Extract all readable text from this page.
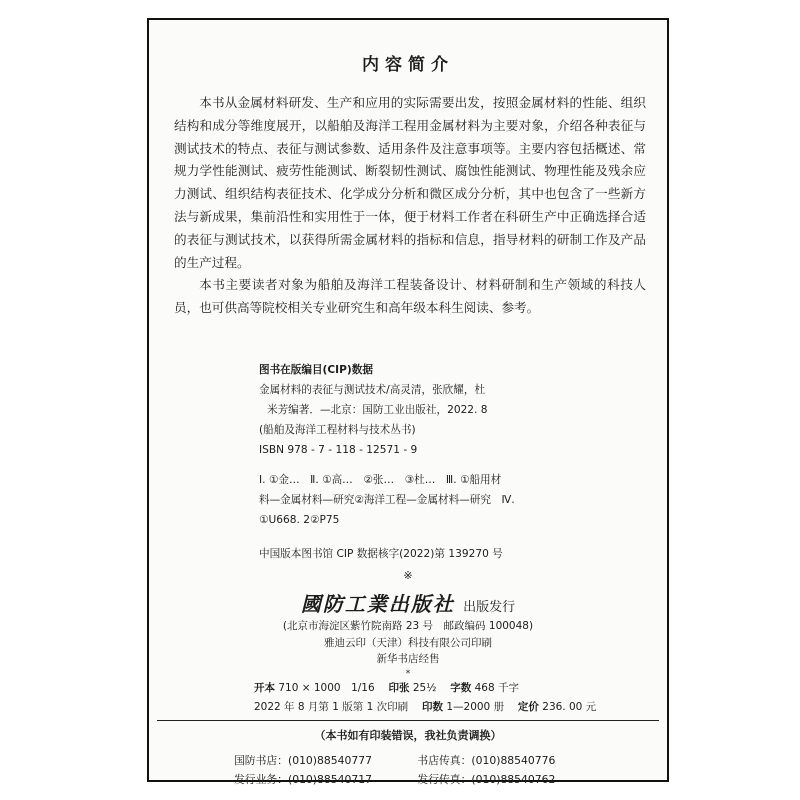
内容简介

本书从金属材料研发、生产和应用的实际需要出发，按照金属材料的性能、组织结构和成分等维度展开，以船舶及海洋工程用金属材料为主要对象，介绍各种表征与测试技术的特点、表征与测试参数、适用条件及注意事项等。主要内容包括概述、常规力学性能测试、疲劳性能测试、断裂韧性测试、腐蚀性能测试、物理性能及残余应力测试、组织结构表征技术、化学成分分析和微区成分分析，其中也包含了一些新方法与新成果，集前沿性和实用性于一体，便于材料工作者在科研生产中正确选择合适的表征与测试技术，以获得所需金属材料的指标和信息，指导材料的研制工作及产品的生产过程。

本书主要读者对象为船舶及海洋工程装备设计、材料研制和生产领域的科技人员，也可供高等院校相关专业研究生和高年级本科生阅读、参考。

图书在版编目(CIP)数据
金属材料的表征与测试技术/高灵清，张欣耀，杜
米芳编著．—北京：国防工业出版社，2022. 8
(船舶及海洋工程材料与技术丛书)
ISBN 978 - 7 - 118 - 12571 - 9
Ⅰ. ①金…　Ⅱ. ①高…　②张…　③杜…　Ⅲ. ①船用材
料—金属材料—研究②海洋工程—金属材料—研究　Ⅳ.
①U668. 2②P75
中国版本图书馆 CIP 数据核字(2022)第 139270 号
※
國防工業出版社 出版发行
(北京市海淀区紫竹院南路 23 号　邮政编码 100048)
雅迪云印（天津）科技有限公司印刷
新华书店经售
*
开本 710 × 1000　1/16　 印张 25½　 字数 468 千字
2022 年 8 月第 1 版第 1 次印刷　 印数 1—2000 册　 定价 236. 00 元
（本书如有印装错误，我社负责调换）
国防书店：(010)88540777
发行业务：(010)88540717

书店传真：(010)88540776
发行传真：(010)88540762
